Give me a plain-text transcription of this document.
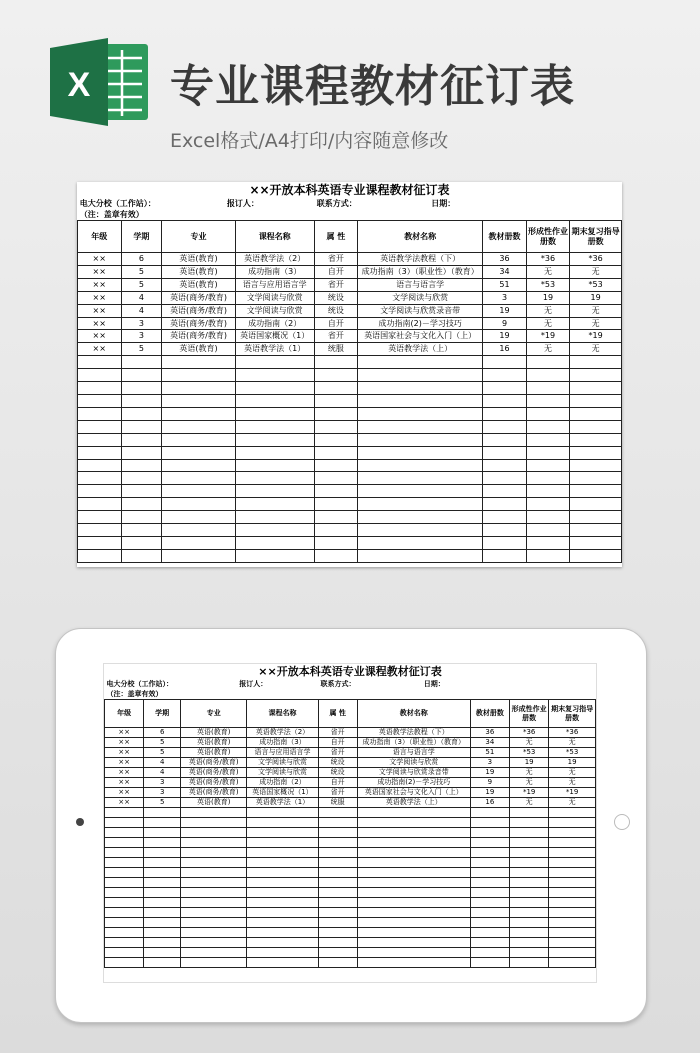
X 专业课程教材征订表
Excel格式/A4打印/内容随意修改
××开放本科英语专业课程教材征订表
电大分校（工作站）：	报订人：	联系方式：	日期：
（注：盖章有效）
年级	学期	专业	课程名称	属 性	教材名称	教材册数	形成性作业册数	期末复习指导册数
××	6	英语(教育)	英语教学法（2）	省开	英语教学法教程（下）	36	*36	*36
××	5	英语(教育)	成功指南（3）	自开	成功指南（3）（职业性）（教育）	34	无	无
××	5	英语(教育)	语言与应用语言学	省开	语言与语言学	51	*53	*53
××	4	英语(商务/教育)	文学阅读与欣赏	统设	文学阅读与欣赏	3	19	19
××	4	英语(商务/教育)	文学阅读与欣赏	统设	文学阅读与欣赏录音带	19	无	无
××	3	英语(商务/教育)	成功指南（2）	自开	成功指南(2)－学习技巧	9	无	无
××	3	英语(商务/教育)	英语国家概况（1）	省开	英语国家社会与文化入门（上）	19	*19	*19
××	5	英语(教育)	英语教学法（1）	统服	英语教学法（上）	16	无	无

××开放本科英语专业课程教材征订表
电大分校（工作站）：	报订人：	联系方式：	日期：
（注：盖章有效）
年级	学期	专业	课程名称	属 性	教材名称	教材册数	形成性作业册数	期末复习指导册数
××	6	英语(教育)	英语教学法（2）	省开	英语教学法教程（下）	36	*36	*36
××	5	英语(教育)	成功指南（3）	自开	成功指南（3）（职业性）（教育）	34	无	无
××	5	英语(教育)	语言与应用语言学	省开	语言与语言学	51	*53	*53
××	4	英语(商务/教育)	文学阅读与欣赏	统设	文学阅读与欣赏	3	19	19
××	4	英语(商务/教育)	文学阅读与欣赏	统设	文学阅读与欣赏录音带	19	无	无
××	3	英语(商务/教育)	成功指南（2）	自开	成功指南(2)－学习技巧	9	无	无
××	3	英语(商务/教育)	英语国家概况（1）	省开	英语国家社会与文化入门（上）	19	*19	*19
××	5	英语(教育)	英语教学法（1）	统服	英语教学法（上）	16	无	无
